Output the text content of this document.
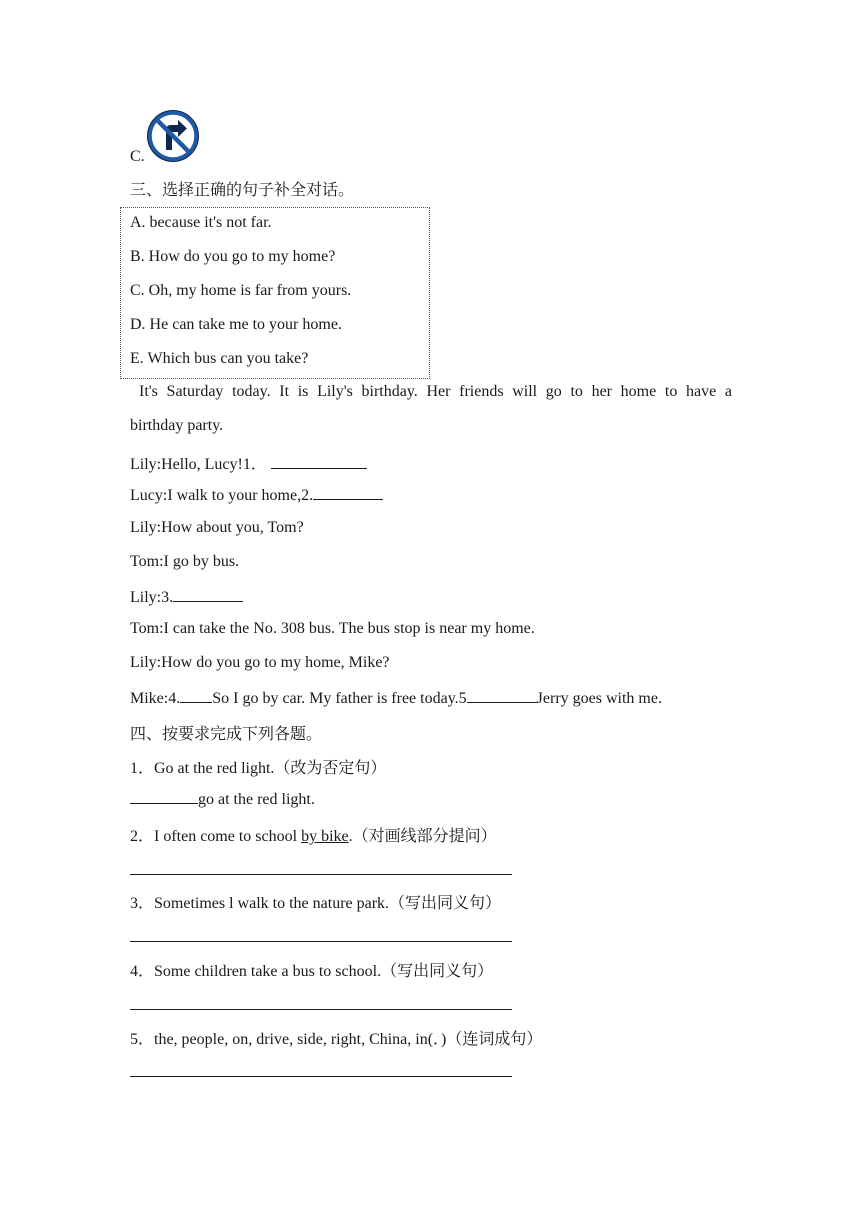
C.
三、选择正确的句子补全对话。
A. because it's not far.
B. How do you go to my home?
C. Oh, my home is far from yours.
D. He can take me to your home.
E. Which bus can you take?
It's Saturday today. It is Lily's birthday. Her friends will go to her home to have a
birthday party.
Lily:Hello, Lucy!1．
Lucy:I walk to your home,2.
Lily:How about you, Tom?
Tom:I go by bus.
Lily:3.
Tom:I can take the No. 308 bus. The bus stop is near my home.
Lily:How do you go to my home, Mike?
Mike:4. So I go by car. My father is free today.5	Jerry goes with me.
四、按要求完成下列各题。
1．Go at the red light.（改为否定句）
go at the red light.
2．I often come to school by bike.（对画线部分提问）
3．Sometimes l walk to the nature park.（写出同义句）
4．Some children take a bus to school.（写出同义句）
5．the, people, on, drive, side, right, China, in(．)（连词成句）
